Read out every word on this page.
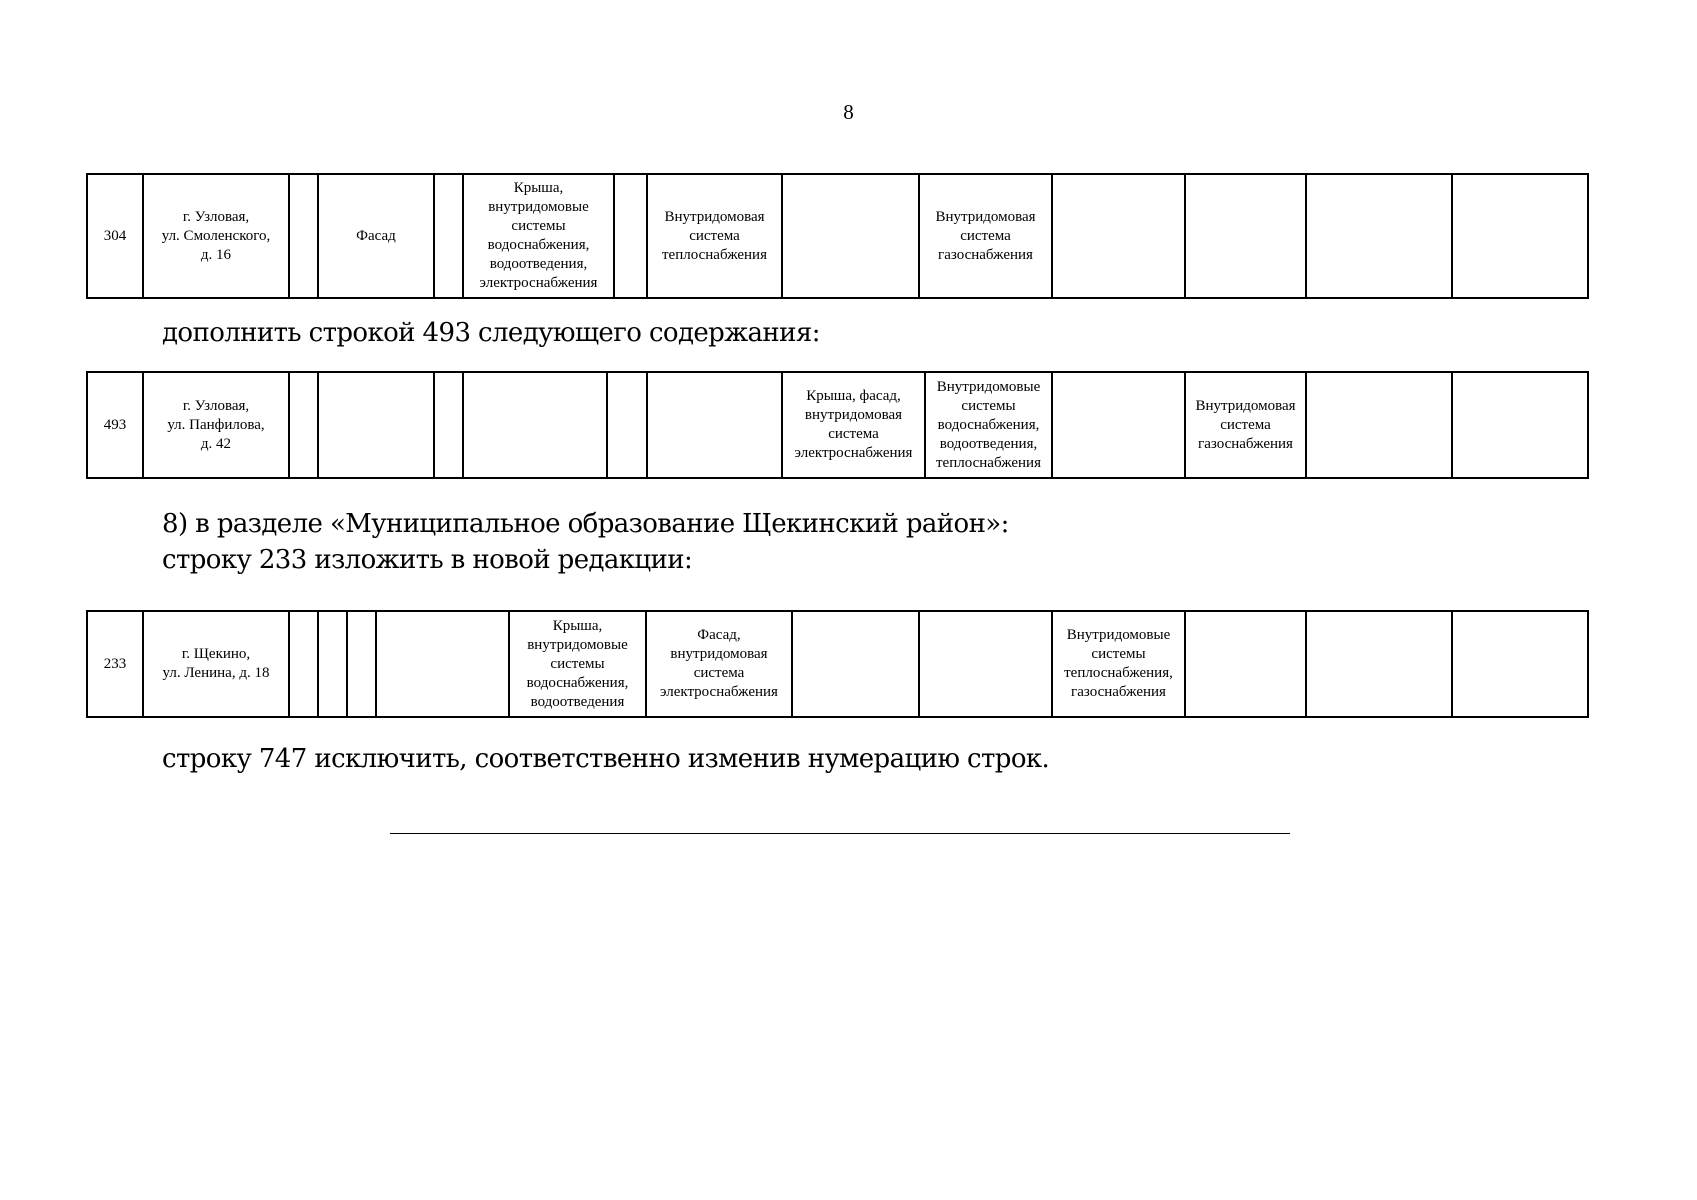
8
304	г. Узловая,
ул. Смоленского,
д. 16		Фасад		Крыша,
внутридомовые
системы
водоснабжения,
водоотведения,
электроснабжения		Внутридомовая
система
теплоснабжения		Внутридомовая
система
газоснабжения				
дополнить строкой 493 следующего содержания:
493	г. Узловая,
ул. Панфилова,
д. 42							Крыша, фасад,
внутридомовая
система
электроснабжения	Внутридомовые
системы
водоснабжения,
водоотведения,
теплоснабжения		Внутридомовая
система
газоснабжения		
8) в разделе «Муниципальное образование Щекинский район»:
строку 233 изложить в новой редакции:
233	г. Щекино,
ул. Ленина, д. 18					Крыша,
внутридомовые
системы
водоснабжения,
водоотведения	Фасад,
внутридомовая
система
электроснабжения			Внутридомовые
системы
теплоснабжения,
газоснабжения			
строку 747 исключить, соответственно изменив нумерацию строк.
